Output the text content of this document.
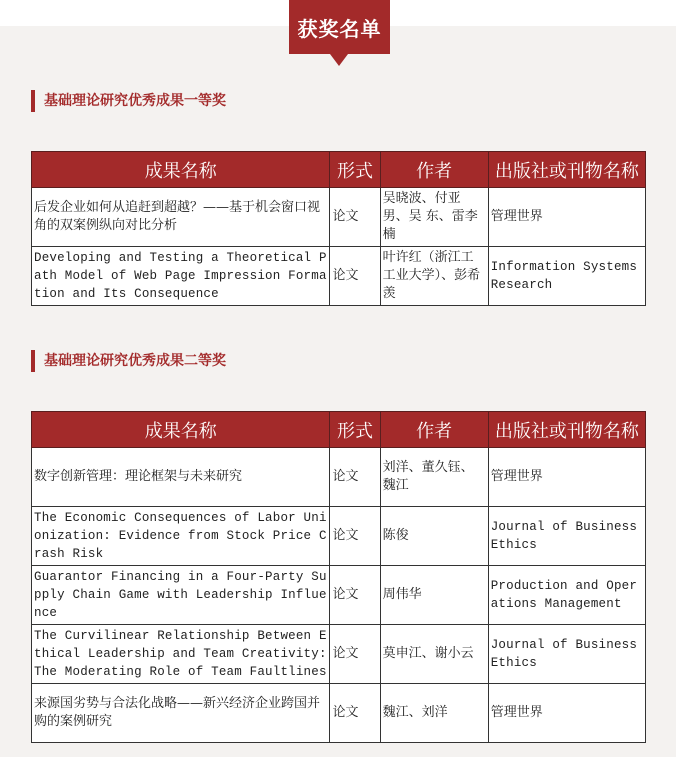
获奖名单
基础理论研究优秀成果一等奖
成果名称	形式	作者	出版社或刊物名称
后发企业如何从追赶到超越？——基于机会窗口视角的双案例纵向对比分析	论文	吴晓波、付亚男、吴 东、雷李楠	管理世界
Developing and Testing a Theoretical Path Model of Web Page Impression Formation and Its Consequence	论文	叶许红（浙江工工业大学）、彭希羡	Information Systems Research
基础理论研究优秀成果二等奖
成果名称	形式	作者	出版社或刊物名称
数字创新管理：理论框架与未来研究	论文	刘洋、董久钰、魏江	管理世界
The Economic Consequences of Labor Unionization: Evidence from Stock Price Crash Risk	论文	陈俊	Journal of Business Ethics
Guarantor Financing in a Four-Party Supply Chain Game with Leadership Influence	论文	周伟华	Production and Operations Management
The Curvilinear Relationship Between Ethical Leadership and Team Creativity: The Moderating Role of Team Faultlines	论文	莫申江、谢小云	Journal of Business Ethics
来源国劣势与合法化战略——新兴经济企业跨国并购的案例研究	论文	魏江、刘洋	管理世界
